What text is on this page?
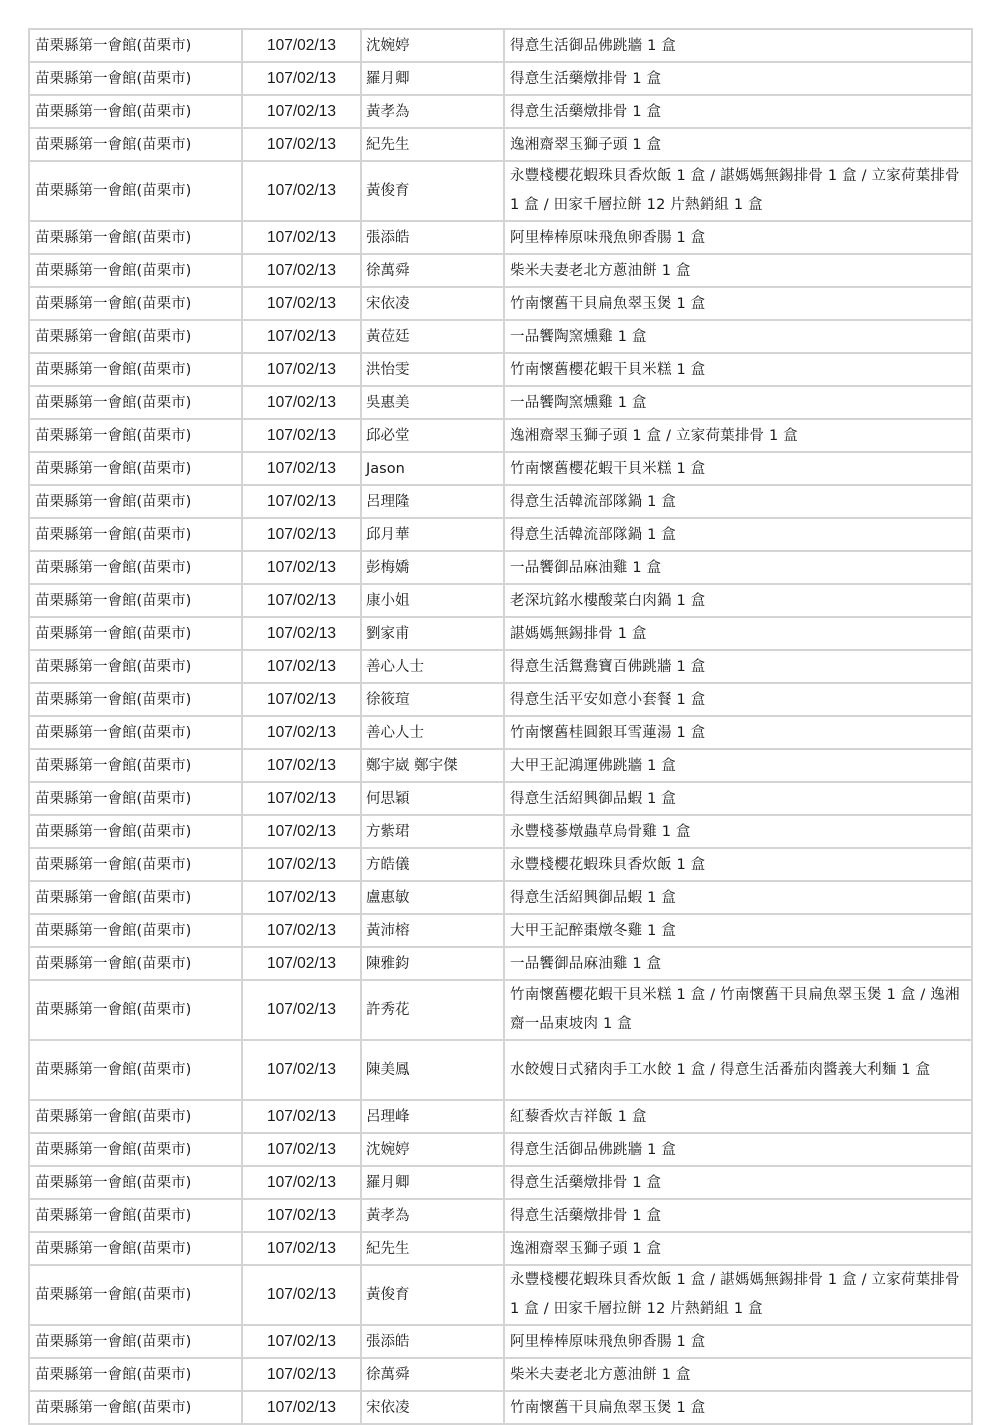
苗栗縣第一會館(苗栗市)	107/02/13	沈婉婷	得意生活御品佛跳牆 1 盒
苗栗縣第一會館(苗栗市)	107/02/13	羅月卿	得意生活藥燉排骨 1 盒
苗栗縣第一會館(苗栗市)	107/02/13	黃孝為	得意生活藥燉排骨 1 盒
苗栗縣第一會館(苗栗市)	107/02/13	紀先生	逸湘齋翠玉獅子頭 1 盒
苗栗縣第一會館(苗栗市)	107/02/13	黃俊育	永豐棧櫻花蝦珠貝香炊飯 1 盒 / 諶媽媽無錫排骨 1 盒 / 立家荷葉排骨 1 盒 / 田家千層拉餅 12 片熱銷組 1 盒
苗栗縣第一會館(苗栗市)	107/02/13	張添皓	阿里棒棒原味飛魚卵香腸 1 盒
苗栗縣第一會館(苗栗市)	107/02/13	徐萬舜	柴米夫妻老北方蔥油餅 1 盒
苗栗縣第一會館(苗栗市)	107/02/13	宋依凌	竹南懷舊干貝扁魚翠玉煲 1 盒
苗栗縣第一會館(苗栗市)	107/02/13	黃莅廷	一品饗陶窯燻雞 1 盒
苗栗縣第一會館(苗栗市)	107/02/13	洪怡雯	竹南懷舊櫻花蝦干貝米糕 1 盒
苗栗縣第一會館(苗栗市)	107/02/13	吳惠美	一品饗陶窯燻雞 1 盒
苗栗縣第一會館(苗栗市)	107/02/13	邱必堂	逸湘齋翠玉獅子頭 1 盒 / 立家荷葉排骨 1 盒
苗栗縣第一會館(苗栗市)	107/02/13	Jason	竹南懷舊櫻花蝦干貝米糕 1 盒
苗栗縣第一會館(苗栗市)	107/02/13	呂理隆	得意生活韓流部隊鍋 1 盒
苗栗縣第一會館(苗栗市)	107/02/13	邱月華	得意生活韓流部隊鍋 1 盒
苗栗縣第一會館(苗栗市)	107/02/13	彭梅嬌	一品饗御品麻油雞 1 盒
苗栗縣第一會館(苗栗市)	107/02/13	康小姐	老深坑銘水樓酸菜白肉鍋 1 盒
苗栗縣第一會館(苗栗市)	107/02/13	劉家甫	諶媽媽無錫排骨 1 盒
苗栗縣第一會館(苗栗市)	107/02/13	善心人士	得意生活鴛鴦寶百佛跳牆 1 盒
苗栗縣第一會館(苗栗市)	107/02/13	徐筱瑄	得意生活平安如意小套餐 1 盒
苗栗縣第一會館(苗栗市)	107/02/13	善心人士	竹南懷舊桂圓銀耳雪蓮湯 1 盒
苗栗縣第一會館(苗栗市)	107/02/13	鄭宇崴 鄭宇傑	大甲王記鴻運佛跳牆 1 盒
苗栗縣第一會館(苗栗市)	107/02/13	何思穎	得意生活紹興御品蝦 1 盒
苗栗縣第一會館(苗栗市)	107/02/13	方紫珺	永豐棧蔘燉蟲草烏骨雞 1 盒
苗栗縣第一會館(苗栗市)	107/02/13	方皓儀	永豐棧櫻花蝦珠貝香炊飯 1 盒
苗栗縣第一會館(苗栗市)	107/02/13	盧惠敏	得意生活紹興御品蝦 1 盒
苗栗縣第一會館(苗栗市)	107/02/13	黃沛榕	大甲王記醉棗燉冬雞 1 盒
苗栗縣第一會館(苗栗市)	107/02/13	陳雅鈞	一品饗御品麻油雞 1 盒
苗栗縣第一會館(苗栗市)	107/02/13	許秀花	竹南懷舊櫻花蝦干貝米糕 1 盒 / 竹南懷舊干貝扁魚翠玉煲 1 盒 / 逸湘齋一品東坡肉 1 盒
苗栗縣第一會館(苗栗市)	107/02/13	陳美鳳	水餃嫂日式豬肉手工水餃 1 盒 / 得意生活番茄肉醬義大利麵 1 盒
苗栗縣第一會館(苗栗市)	107/02/13	呂理峰	紅藜香炊吉祥飯 1 盒
苗栗縣第一會館(苗栗市)	107/02/13	沈婉婷	得意生活御品佛跳牆 1 盒
苗栗縣第一會館(苗栗市)	107/02/13	羅月卿	得意生活藥燉排骨 1 盒
苗栗縣第一會館(苗栗市)	107/02/13	黃孝為	得意生活藥燉排骨 1 盒
苗栗縣第一會館(苗栗市)	107/02/13	紀先生	逸湘齋翠玉獅子頭 1 盒
苗栗縣第一會館(苗栗市)	107/02/13	黃俊育	永豐棧櫻花蝦珠貝香炊飯 1 盒 / 諶媽媽無錫排骨 1 盒 / 立家荷葉排骨 1 盒 / 田家千層拉餅 12 片熱銷組 1 盒
苗栗縣第一會館(苗栗市)	107/02/13	張添皓	阿里棒棒原味飛魚卵香腸 1 盒
苗栗縣第一會館(苗栗市)	107/02/13	徐萬舜	柴米夫妻老北方蔥油餅 1 盒
苗栗縣第一會館(苗栗市)	107/02/13	宋依凌	竹南懷舊干貝扁魚翠玉煲 1 盒
